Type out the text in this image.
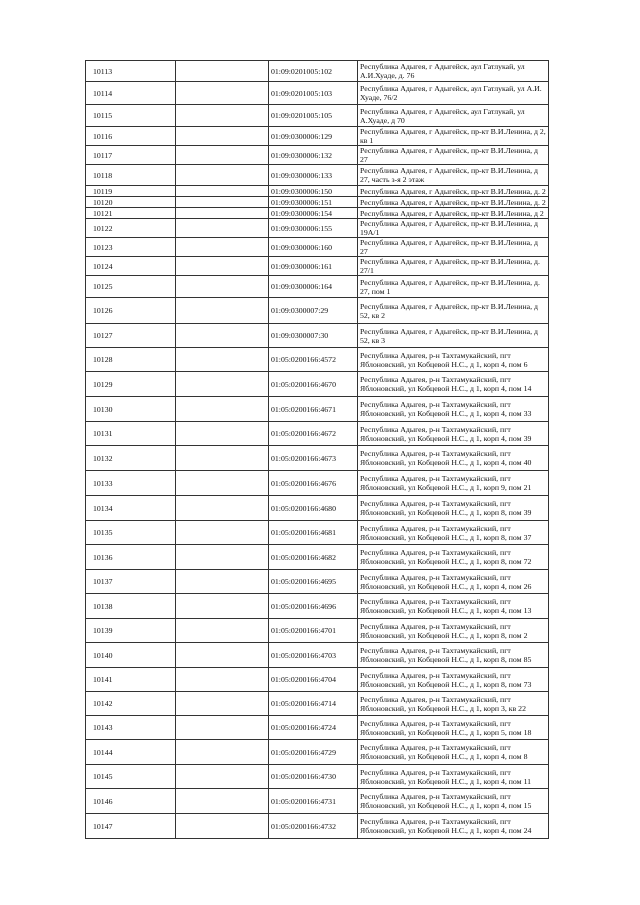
10113		01:09:0201005:102	Республика Адыгея, г Адыгейск, аул Гатлукай, ул А.И.Хуаде, д. 76
10114		01:09:0201005:103	Республика Адыгея, г Адыгейск, аул Гатлукай, ул А.И. Хуаде, 76/2
10115		01:09:0201005:105	Республика Адыгея, г Адыгейск, аул Гатлукай, ул А.Хуаде, д 70
10116		01:09:0300006:129	Республика Адыгея, г Адыгейск, пр-кт В.И.Ленина, д 2, кв 1
10117		01:09:0300006:132	Республика Адыгея, г Адыгейск, пр-кт В.И.Ленина, д 27
10118		01:09:0300006:133	Республика Адыгея, г Адыгейск, пр-кт В.И.Ленина, д 27, часть з-я 2 этаж
10119		01:09:0300006:150	Республика Адыгея, г Адыгейск, пр-кт В.И.Ленина, д. 2
10120		01:09:0300006:151	Республика Адыгея, г Адыгейск, пр-кт В.И.Ленина, д. 2
10121		01:09:0300006:154	Республика Адыгея, г Адыгейск, пр-кт В.И.Ленина, д 2
10122		01:09:0300006:155	Республика Адыгея, г Адыгейск, пр-кт В.И.Ленина, д 19А/1
10123		01:09:0300006:160	Республика Адыгея, г Адыгейск, пр-кт В.И.Ленина, д 27
10124		01:09:0300006:161	Республика Адыгея, г Адыгейск, пр-кт В.И.Ленина, д. 27/1
10125		01:09:0300006:164	Республика Адыгея, г Адыгейск, пр-кт В.И.Ленина, д. 27, пом 1
10126		01:09:0300007:29	Республика Адыгея, г Адыгейск, пр-кт В.И.Ленина, д 52, кв 2
10127		01:09:0300007:30	Республика Адыгея, г Адыгейск, пр-кт В.И.Ленина, д 52, кв 3
10128		01:05:0200166:4572	Республика Адыгея, р-н Тахтамукайский, пгт Яблоновский, ул Кобцевой Н.С., д 1, корп 4, пом 6
10129		01:05:0200166:4670	Республика Адыгея, р-н Тахтамукайский, пгт Яблоновский, ул Кобцевой Н.С., д 1, корп 4, пом 14
10130		01:05:0200166:4671	Республика Адыгея, р-н Тахтамукайский, пгт Яблоновский, ул Кобцевой Н.С., д 1, корп 4, пом 33
10131		01:05:0200166:4672	Республика Адыгея, р-н Тахтамукайский, пгт Яблоновский, ул Кобцевой Н.С., д 1, корп 4, пом 39
10132		01:05:0200166:4673	Республика Адыгея, р-н Тахтамукайский, пгт Яблоновский, ул Кобцевой Н.С., д 1, корп 4, пом 40
10133		01:05:0200166:4676	Республика Адыгея, р-н Тахтамукайский, пгт Яблоновский, ул Кобцевой Н.С., д 1, корп 9, пом 21
10134		01:05:0200166:4680	Республика Адыгея, р-н Тахтамукайский, пгт Яблоновский, ул Кобцевой Н.С., д 1, корп 8, пом 39
10135		01:05:0200166:4681	Республика Адыгея, р-н Тахтамукайский, пгт Яблоновский, ул Кобцевой Н.С., д 1, корп 8, пом 37
10136		01:05:0200166:4682	Республика Адыгея, р-н Тахтамукайский, пгт Яблоновский, ул Кобцевой Н.С., д 1, корп 8, пом 72
10137		01:05:0200166:4695	Республика Адыгея, р-н Тахтамукайский, пгт Яблоновский, ул Кобцевой Н.С., д 1, корп 4, пом 26
10138		01:05:0200166:4696	Республика Адыгея, р-н Тахтамукайский, пгт Яблоновский, ул Кобцевой Н.С., д 1, корп 4, пом 13
10139		01:05:0200166:4701	Республика Адыгея, р-н Тахтамукайский, пгт Яблоновский, ул Кобцевой Н.С., д 1, корп 8, пом 2
10140		01:05:0200166:4703	Республика Адыгея, р-н Тахтамукайский, пгт Яблоновский, ул Кобцевой Н.С., д 1, корп 8, пом 85
10141		01:05:0200166:4704	Республика Адыгея, р-н Тахтамукайский, пгт Яблоновский, ул Кобцевой Н.С., д 1, корп 8, пом 73
10142		01:05:0200166:4714	Республика Адыгея, р-н Тахтамукайский, пгт Яблоновский, ул Кобцевой Н.С., д 1, корп 3, кв 22
10143		01:05:0200166:4724	Республика Адыгея, р-н Тахтамукайский, пгт Яблоновский, ул Кобцевой Н.С., д 1, корп 5, пом 18
10144		01:05:0200166:4729	Республика Адыгея, р-н Тахтамукайский, пгт Яблоновский, ул Кобцевой Н.С., д 1, корп 4, пом 8
10145		01:05:0200166:4730	Республика Адыгея, р-н Тахтамукайский, пгт Яблоновский, ул Кобцевой Н.С., д 1, корп 4, пом 11
10146		01:05:0200166:4731	Республика Адыгея, р-н Тахтамукайский, пгт Яблоновский, ул Кобцевой Н.С., д 1, корп 4, пом 15
10147		01:05:0200166:4732	Республика Адыгея, р-н Тахтамукайский, пгт Яблоновский, ул Кобцевой Н.С., д 1, корп 4, пом 24
